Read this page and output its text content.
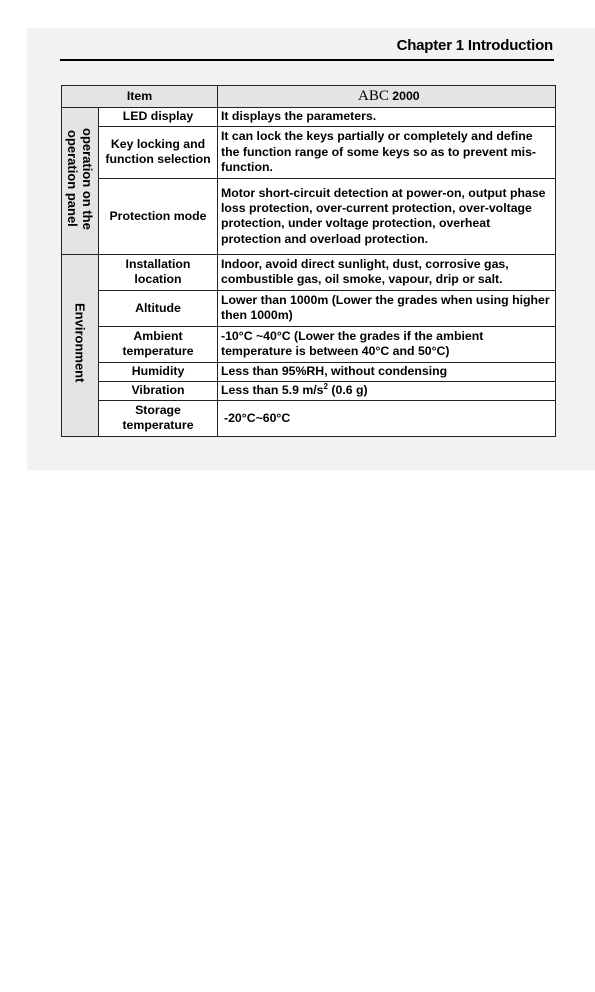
Chapter 1 Introduction
Item		ABC 2000
operation on the
operation panel	LED display	It displays the parameters.
	Key locking and function selection	It can lock the keys partially or completely and define the function range of some keys so as to prevent mis-function.
	Protection mode	Motor short-circuit detection at power-on, output phase loss protection, over-current protection, over-voltage protection, under voltage protection, overheat protection and overload protection.
Environment	Installation location	Indoor, avoid direct sunlight, dust, corrosive gas, combustible gas, oil smoke, vapour, drip or salt.
	Altitude	Lower than 1000m (Lower the grades when using higher then 1000m)
	Ambient temperature	-10°C ~40°C (Lower the grades if the ambient temperature is between 40°C and 50°C)
	Humidity	Less than 95%RH, without condensing
	Vibration	Less than 5.9 $m/s^2$ (0.6 g)
	Storage temperature	-20°C~60°C
